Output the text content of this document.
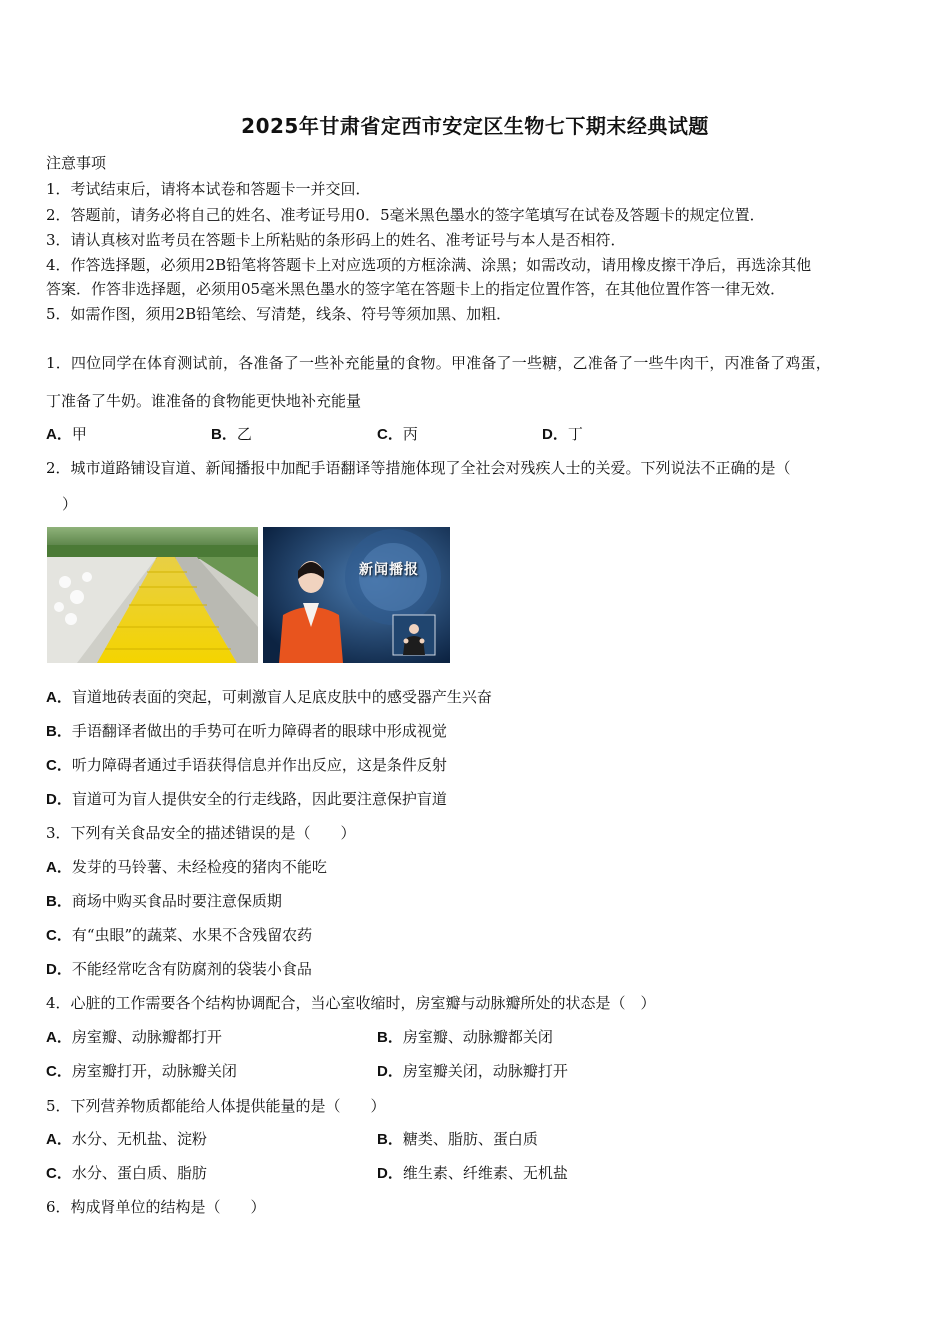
2025年甘肃省定西市安定区生物七下期末经典试题
注意事项
1．考试结束后，请将本试卷和答题卡一并交回．
2．答题前，请务必将自己的姓名、准考证号用0．5毫米黑色墨水的签字笔填写在试卷及答题卡的规定位置．
3．请认真核对监考员在答题卡上所粘贴的条形码上的姓名、准考证号与本人是否相符．
4．作答选择题，必须用2B铅笔将答题卡上对应选项的方框涂满、涂黑；如需改动，请用橡皮擦干净后，再选涂其他
答案．作答非选择题，必须用05毫米黑色墨水的签字笔在答题卡上的指定位置作答，在其他位置作答一律无效．
5．如需作图，须用2B铅笔绘、写清楚，线条、符号等须加黑、加粗．
1．四位同学在体育测试前，各准备了一些补充能量的食物。甲准备了一些糖，乙准备了一些牛肉干，丙准备了鸡蛋，
丁准备了牛奶。谁准备的食物能更快地补充能量
A．甲	B．乙	C．丙	D．丁
2．城市道路铺设盲道、新闻播报中加配手语翻译等措施体现了全社会对残疾人士的关爱。下列说法不正确的是（
）
新闻播报
A．盲道地砖表面的突起，可刺激盲人足底皮肤中的感受器产生兴奋
B．手语翻译者做出的手势可在听力障碍者的眼球中形成视觉
C．听力障碍者通过手语获得信息并作出反应，这是条件反射
D．盲道可为盲人提供安全的行走线路，因此要注意保护盲道
3．下列有关食品安全的描述错误的是（　　）
A．发芽的马铃薯、未经检疫的猪肉不能吃
B．商场中购买食品时要注意保质期
C．有“虫眼”的蔬菜、水果不含残留农药
D．不能经常吃含有防腐剂的袋装小食品
4．心脏的工作需要各个结构协调配合，当心室收缩时，房室瓣与动脉瓣所处的状态是（　）
A．房室瓣、动脉瓣都打开	B．房室瓣、动脉瓣都关闭
C．房室瓣打开，动脉瓣关闭	D．房室瓣关闭，动脉瓣打开
5．下列营养物质都能给人体提供能量的是（　　）
A．水分、无机盐、淀粉	B．糖类、脂肪、蛋白质
C．水分、蛋白质、脂肪	D．维生素、纤维素、无机盐
6．构成肾单位的结构是（　　）
